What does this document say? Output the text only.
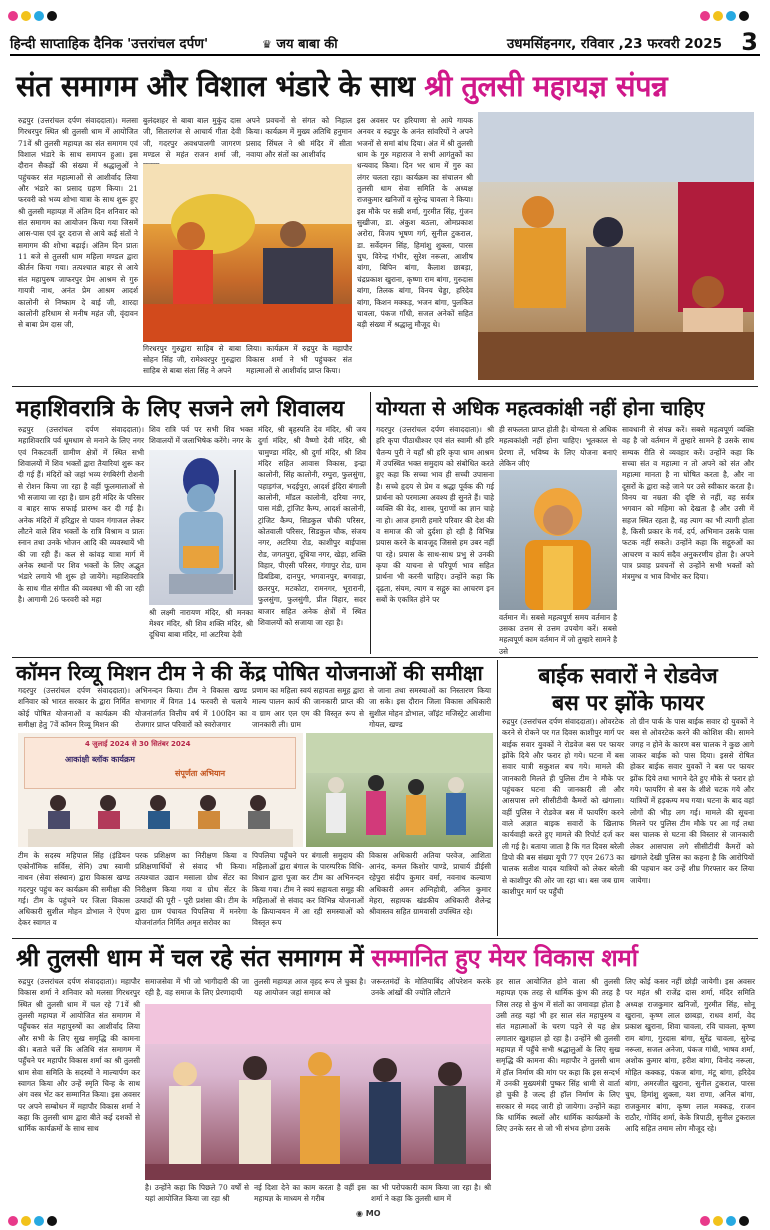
हिन्दी साप्ताहिक दैनिक 'उत्तरांचल दर्पण'	♛ जय बाबा की	उधमसिंहनगर, रविवार ,23 फरवरी 2025 3
संत समागम और विशाल भंडारे के साथ श्री तुलसी महायज्ञ संपन्न
रुद्रपुर (उत्तरांचल दर्पण संवाददाता)। मलसा गिरधरपुर स्थित श्री तुलसी धाम में आयोजित 71वें श्री तुलसी महायज्ञ का संत समागम एवं विशाल भंडारे के साथ समापन हुआ। इस दौरान सैकड़ों की संख्या में श्रद्धालुओं ने पहुंचकर संत महात्माओं से आशीर्वाद लिया और भंडारे का प्रसाद ग्रहण किया। 21 फरवरी को भव्य शोभा यात्रा के साथ शुरू हुए श्री तुलसी महायज्ञ में अंतिम दिन शनिवार को संत समागम का आयोजन किया गया जिसमें आस-पास एवं दूर दराज से आये कई संतों ने समागम की शोभा बढ़ाई। अंतिम दिन प्रातः 11 बजे से तुलसी धाम महिला मण्डल द्वारा कीर्तन किया गया। तत्पश्चात बाहर से आये संत महापुरुष जाफरपुर प्रेम आश्रम से गुरु गायत्री नाथ, अनंत प्रेम आश्रम आदर्श कालोनी से निष्काम दे बाई जी, शारदा कालोनी हरिधाम से मनीष महंत जी, वृंदावन से बाबा प्रेम दास जी,
बुलंदशहर से बाबा बाल मुकुंद दास जी, सितारगंज से आचार्य गीता देवी जी, गदरपुर अवधपालगी जागरण मण्डल से महंत राजन शर्मा जी,
अपने प्रवचनों से संगत को निहाल किया। कार्यक्रम में मुख्य अतिथि हनुमान प्रसाद सिंघल ने श्री मंदिर में सीता नवाया और संतों का आशीर्वाद
गिरधरपुर गुरुद्वारा साहिब से बाबा सोहन सिंह जी, रामेश्वरपुर गुरुद्वारा साहिब से बाबा संता सिंह ने अपने
लिया। कार्यक्रम में रुद्रपुर के महापौर विकास शर्मा ने भी पहुंचकर संत महात्माओं से आशीर्वाद प्राप्त किया।
इस अवसर पर हरियाणा से आये गायक अनवर व रुद्रपुर के अनंत सांवरियों ने अपने भजनों से समां बांध दिया। अंत में श्री तुलसी धाम के गुरु महाराज ने सभी आगंतुकों का धन्यवाद किया। दिन भर धाम में गुरु का लंगर चलता रहा। कार्यक्रम का संचालन श्री तुलसी धाम सेवा समिति के अध्यक्ष राजकुमार खनिजों व सुरेन्द्र चावला ने किया। इस मौके पर सन्नी शर्मा, गुरमीत सिंह, गुंजन सुखीजा, डा. अंकुश बठला, ओमप्रकाश अरोरा, विजय भूषण गर्ग, सुनील टुकराल, डा. सर्वेदमन सिंह, हिमांशु शुक्ला, पारस चुघ, विरेन्द्र गंभीर, सुरेश नरूला, आशीष बांगा, बिपिन बांगा, कैलाश छाबड़ा, चंद्रप्रकाश खुराना, कृष्णा राम बांगा, गुरुदास बांगा, तिलक बांगा, विनय चेड्डा, हरिदेव बांगा, किशन मक्कड़, भजन बांगा, पुलकित चावला, पंकज गाँधी, सजल अनेकों सहित बड़ी संख्या में श्रद्धालु मौजूद थे।
महाशिवरात्रि के लिए सजने लगे शिवालय
रुद्रपुर (उत्तरांचल दर्पण संवाददाता)। महाशिवरात्रि पर्व धूमधाम से मनाने के लिए नगर एवं निकटवर्ती ग्रामीण क्षेत्रों में स्थित सभी शिवालयों में शिव भक्तों द्वारा तैयारियां शुरू कर दी गई हैं। मंदिरों को जहां भव्य रंगबिरंगी रोशनी से रोशन किया जा रहा है वहीं फूलमालाओं से भी सजाया जा रहा है। ग्राम हरी मंदिर के परिसर व बाहर साफ सफाई प्रारम्भ कर दी गई है। अनेक मंदिरों में हरिद्वार से पावन गंगाजल लेकर लौटने वाले शिव भक्तों के रात्रि विश्राम व प्रातः स्नान तथा उनके भोजन आदि की व्यवस्थायें भी की जा रही हैं। कल से कांवड़ यात्रा मार्ग में अनेक स्थानों पर शिव भक्तों के लिए अद्भुत भंडारे लगाये भी शुरू हो जायेंगे। महाशिवरात्रि के साथ गीत संगीत की व्यवस्था भी की जा रही है। आगामी 26 फरवरी को महा
शिव रात्रि पर्व पर सभी शिव भक्त शिवालयों में जलाभिषेक करेंगे। नगर के
श्री लक्ष्मी नारायण मंदिर, श्री मनका मेश्वर मंदिर, श्री शिव शक्ति मंदिर, श्री दूधिया बाबा मंदिर, मां अटरिया देवी
मंदिर, श्री बृहस्पति देव मंदिर, श्री जय दुर्गा मंदिर, श्री वैष्णो देवी मंदिर, श्री चामुण्डा मंदिर, श्री दुर्गा मंदिर, श्री शिव मंदिर सहित आवास विकास, इन्द्रा कालोनी, सिंह कालोनी, रम्पुरा, फुलसुंगा, पहाड़गंज, भदईपुरा, आदर्श इंदिरा बंगाली कालोनी, मॉडल कालोनी, दरिया नगर, पास मंडी, ट्रांजिट कैम्प, आदर्श कालोनी, ट्रांजिट कैम्प, सिडकुल चौकी परिसर, कोतवाली परिसर, सिडकुल चौक, संजय नगर, अटरिया रोड, काशीपुर बाईपास रोड, जगतपुरा, दूधिया नगर, खेड़ा, शक्ति विहार, पीएसी परिसर, गंगापुर रोड, ग्राम डिबडिबा, दानपुर, भगवानपुर, बगवाड़ा, छतरपुर, मटकोटा, रामनगर, भूरारानी, फुलसुंगा, फुलसुंगी, प्रीत विहार, सदर बाजार सहित अनेक क्षेत्रों में स्थित शिवालयों को सजाया जा रहा है।
योग्यता से अधिक महत्वकांक्षी नहीं होना चाहिए
गदरपुर (उत्तरांचल दर्पण संवाददाता)। श्री हरि कृपा पीठाधीश्वर एवं संत स्वामी श्री हरि चैतन्य पुरी ने यहाँ श्री हरि कृपा धाम आश्रम में उपस्थित भक्त समुदाय को संबोधित करते हुए कहा कि सच्चा भाव ही सच्ची उपासना है। सच्चे हृदय से प्रेम व श्रद्धा पूर्वक की गई प्रार्थना को परमात्मा अवश्य ही सुनते हैं। चाहे व्यक्ति की वेद, शास्त्र, पुराणों का ज्ञान चाहे ना हो। आज हमारी हमारे परिवार की देश की व समाज की जो दुर्दशा हो रही है विभिन्न प्रयास करने के बावजूद जिससे हम उबर नहीं पा रहे। प्रयास के साथ-साथ प्रभु से उनकी कृपा की याचना से परिपूर्ण भाव सहित प्रार्थना भी करनी चाहिए। उन्होंने कहा कि दृढ़ता, संयम, त्याग व सद्गुरु का आचरण इन सबों के एकत्रित होने पर
ही सफलता प्राप्त होती है। योग्यता से अधिक महत्वकांक्षी नहीं होना चाहिए। भूतकाल से प्रेरणा लें, भविष्य के लिए योजना बनाएं लेकिन जीएं
वर्तमान में। सबसे महत्वपूर्ण समय वर्तमान है उसका उत्तम से उत्तम उपयोग करें। सबसे महत्वपूर्ण काम वर्तमान में जो तुम्हारे सामने है उसे
सावधानी से संपन्न करें। सबसे महत्वपूर्ण व्यक्ति वह है जो वर्तमान में तुम्हारे सामने है उसके साथ सम्यक रीति से व्यवहार करें। उन्होंने कहा कि सच्चा संत व महात्मा न तो अपने को संत और महात्मा मानता है ना घोषित करता है, और ना दूसरों के द्वारा कहे जाने पर उसे स्वीकार करता है। विनय या नम्रता की दृष्टि से नहीं, वह सर्वत्र भगवान को महिमा को देखता है और उसी में सहज स्थित रहता है, वह त्याग का भी त्यागी होता है, किसी प्रकार के गर्व, दर्प, अभिमान उसके पास फटक नहीं सकते। उन्होंने कहा कि सद्गुरुओं का आचरण व कार्य सदैव अनुकरणीय होता है। अपने पात्र प्रवाह प्रवचनों से उन्होंने सभी भक्तों को मंत्रमुग्ध व भाव विभोर कर दिया।
कॉमन रिव्यू मिशन टीम ने की केंद्र पोषित योजनाओं की समीक्षा
गदरपुर (उत्तरांचल दर्पण संवाददाता)। शनिवार को भारत सरकार के द्वारा निर्मित कोई पोषित योजनाओं व कार्यक्रम की समीक्षा हेतु 7वें कॉमन रिव्यू मिशन की
अभिनन्दन किया। टीम ने विकास खण्ड सभागार में विगत 14 फरवरी से चलाये योजनांतर्गत वित्तीय वर्ष में 100दिन का रोजगार प्राप्त परिवारों को स्वरोजगार
प्रणाम का महिला स्वयं सहायता समूह द्वारा माल्य पालन कार्य की जानकारी प्राप्त की व ग्राम आर एल एम की विस्तृत रूप से जानकारी ली। ग्राम
से जाना तथा समस्याओं का निस्तारण किया जा सके। इस दौरान जिला विकास अधिकारी सुशील मोहन डोभाल, जॉइंट मजिस्ट्रेट आशीमा गोयल, खण्ड
4 जुलाई 2024 से 30 सितंबर 2024
आकांक्षी ब्लॉक कार्यक्रम
संपूर्णता अभियान
टीम के सदस्य महिपाल सिंह (इंडियन एकोनॉमिक सर्विस, सेनि) उषा स्वामी नाथन (सेवा संस्थान) द्वारा विकास खण्ड गदरपुर पहुंच कर कार्यक्रम की समीक्षा की गई। टीम के पहुंचने पर जिला विकास अधिकारी सुशील मोहन डोभाल ने ऐपण देकर स्वागत व
परक प्रशिक्षण का निरीक्षण किया व प्रशिक्षणार्थियों से संवाद भी किया। तत्पश्चात उद्यान मसाला ग्रोथ सेंटर का निरीक्षण किया गया व ग्रोथ सेंटर के उत्पादों की पूरी - पूरी प्रशंसा की। टीम के द्वारा ग्राम पंचायत पिपलिया में मनरेगा योजनांतर्गत निर्मित अमृत सरोवर का
पिपलिया पहुँचने पर बंगाली समुदाय की महिलाओं द्वारा बंगाल के पारम्परिक विधि-विधान द्वारा पूजा कर टीम का अभिनन्दन किया गया। टीम ने स्वयं सहायता समूह की महिलाओं से संवाद कर विभिन्न योजनाओं के क्रियान्वयन में आ रही समस्याओं को विस्तृत रूप
विकास अधिकारी अतिया परवेज, आशिता आनंद, कमल किशोर पाण्डे, प्राचार्य डीईसी रहेपुरा संदीप कुमार वर्मा, नवनाथ कल्याण अधिकारी अमन अग्निहोत्री, अनिल कुमार मेहरा, सहायक खंडकीय अधिकारी शैलेन्द्र श्रीवास्तव सहित ग्रामवासी उपस्थित रहे।
बाईक सवारों ने रोडवेज
बस पर झोंके फायर
रुद्रपुर (उत्तरांचल दर्पण संवाददाता)। ओवरटेक करने से रोकने पर गत दिवस काशीपुर मार्ग पर बाईक सवार युवकों ने रोडवेज बस पर फायर झोंके दिये और फरार हो गये। घटना में बस सवार यात्री सकुशल बच गये। मामले की जानकारी मिलते ही पुलिस टीम ने मौके पर पहुंचकर घटना की जानकारी ली और आसपास लगे सीसीटीवी कैमरों को खंगाला। वहीं पुलिस ने रोडवेज बस में फायरिंग करने वाले अज्ञात बाइक सवारों के खिलाफ कार्यवाही करते हुए मामले की रिपोर्ट दर्ज कर ली गई है। बताया जाता है कि गत दिवस बरेली डिपो की बस संख्या यूपी 77 एएन 2673 का चालक सतीश यादव यात्रियों को लेकर बरेली से काशीपुर की ओर जा रहा था। बस जब ग्राम काशीपुर मार्ग पर पहुँची
तो ग्रीन पार्क के पास बाईक सवार दो युवकों ने बस से ओवरटेक करने की कोशिश की। सामने जगह न होने के कारण बस चालक ने कुछ आगे जाकर बाईक को पास दिया। इससे रोषित होकर बाईक सवार युवकों ने बस पर फायर झोंक दिये तथा भागने देते हुए मौके से फरार हो गये। फायरिंग से बस के शीशे चटक गये और यात्रियों में हड़कम्प मच गया। घटना के बाद वहां लोगों की भीड़ लग गई। मामले की सूचना मिलने पर पुलिस टीम मौके पर आ गई तथा बस चालक से घटना की विस्तार से जानकारी लेकर आसपास लगे सीसीटीवी कैमरों को खंगाले देखी पुलिस का कहना है कि आरोपियों की पहचान कर उन्हें शीघ्र गिरफ्तार कर लिया जायेगा।
श्री तुलसी धाम में चल रहे संत समागम में सम्मानित हुए मेयर विकास शर्मा
रुद्रपुर (उत्तरांचल दर्पण संवाददाता)। महापौर विकास शर्मा ने शनिवार को मलसा गिरधरपुर स्थित श्री तुलसी धाम में चल रहे 71वें श्री तुलसी महायज्ञ में आयोजित संत समागम में पहुँचकर संत महापुरुषों का आशीर्वाद लिया और सभी के लिए सुख समृद्धि की कामना की। बताते चलें कि अतिथि संत समागम में पहुँचने पर महापौर विकास शर्मा का श्री तुलसी धाम सेवा समिति के सदस्यों ने माल्यार्पण कर स्वागत किया और उन्हें स्मृति चिन्ह के साथ अंग वस्त्र भेंट कर सम्मानित किया। इस अवसर पर अपने सम्बोधन में महापौर विकास शर्मा ने कहा कि तुलसी धाम द्वारा बीते कई दशकों से धार्मिक कार्यक्रमों के साथ साथ
समाजसेवा में भी जो भागीदारी की जा रही है, वह समाज के लिए प्रेरणादायी
तुलसी महायज्ञ आज वृहद रूप ले चुका है। यह आयोजन जहां समाज को
जरूरतमंदों के मोतियाबिंद ऑपरेशन करके उनके आंखों की ज्योति लौटाने
है। उन्होंने कहा कि पिछले 70 वर्षों से यहां आयोजित किया जा रहा श्री
नई दिशा देने का काम करता है वहीं इस महायज्ञ के माध्यम से गरीब
का भी परोपकारी काम किया जा रहा है। श्री शर्मा ने कहा कि तुलसी धाम में
हर साल आयोजित होने वाला श्री तुलसी महायज्ञ एक तरह से धार्मिक कुंभ की तरह है जिस तरह से कुंभ में संतों का जमावड़ा होता है उसी तरह यहां भी हर साल संत महापुरुष व संत महात्माओं के चरण पड़ने से यह क्षेत्र लगातार खुशहाल हो रहा है। उन्होंने श्री तुलसी महायज्ञ में पहुँचे सभी श्रद्धालुओं के लिए सुख समृद्धि की कामना की। महापौर ने तुलसी धाम में हॉल निर्माण की मांग पर कहा कि इस सन्दर्भ में उनकी मुख्यमंत्री पुष्कर सिंह धामी से वार्ता हो चुकी है जल्द ही हॉल निर्माण के लिए सरकार से मदद जारी हो जायेगा। उन्होंने कहा कि धार्मिक स्थलों और धार्मिक कार्यक्रमों के लिए उनके स्तर से जो भी संभव होगा उसके
लिए कोई कसर नहीं छोड़ी जायेगी। इस अवसर पर महंत श्री राजेंद्र दास शर्मा, मंदिर समिति अध्यक्ष राजकुमार खनिजों, गुरमीत सिंह, सोनू खुराना, कृष्ण लाल छाबड़ा, राधव शर्मा, वेद प्रकाश खुराना, शिवा चावला, रवि चावला, कृष्ण राम बांगा, गुरदास बांगा, सुरेंद्र चावला, सुरेन्द्र नरूला, सजल अनेजा, पंकज गांधी, भाषव शर्मा, अशोक कुमार बांगा, हरीश बांगा, विनोद नरूला, मोहित कक्कड़, पंकज बांगा, मंटू बांगा, हरिदेव बांगा, अमरजीत खुराना, सुनील टुकराल, पारस चुघ, हिमांशु शुक्ला, यश राणा, अनिल बांगा, राजकुमार बांगा, कृष्ण लाल मक्कड़, राजन राठौर, गोविंद शर्मा, केके त्रिपाठी, सुनील टुकराल आदि सहित तमाम लोग मौजूद रहे।
◉ MO
